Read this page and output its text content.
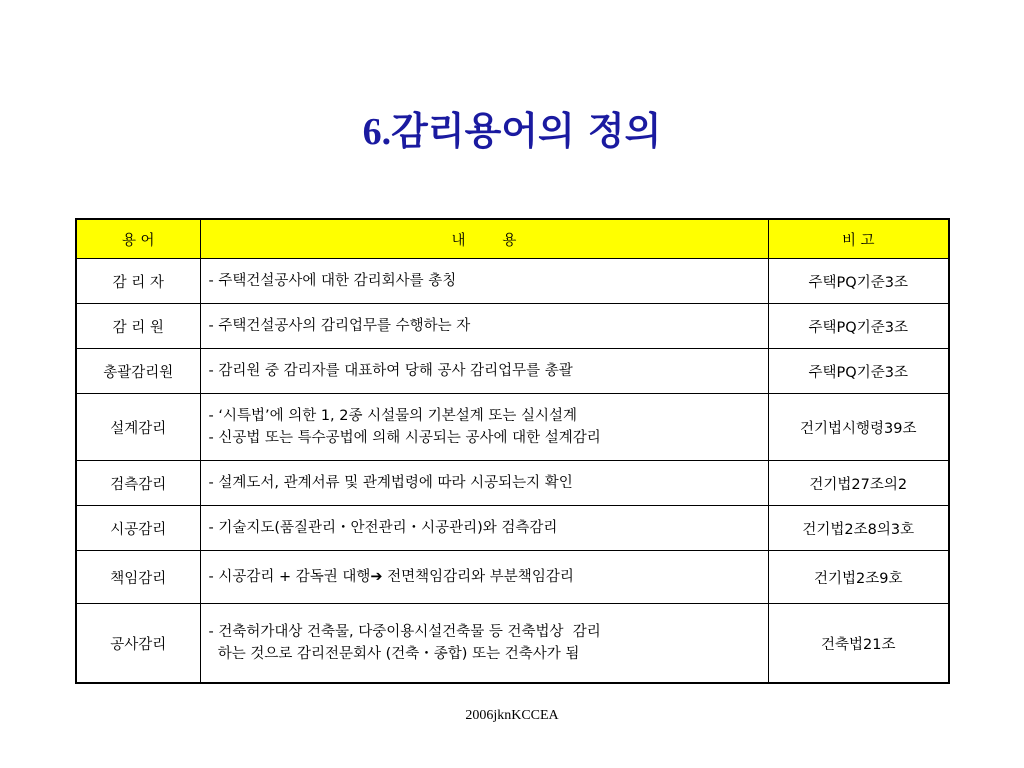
6.감리용어의 정의
용 어	내        용	비 고
감 리 자	- 주택건설공사에 대한 감리회사를 총칭	주택PQ기준3조
감 리 원	- 주택건설공사의 감리업무를 수행하는 자	주택PQ기준3조
총괄감리원	- 감리원 중 감리자를 대표하여 당해 공사 감리업무를 총괄	주택PQ기준3조
설계감리	- ‘시특법’에 의한 1, 2종 시설물의 기본설계 또는 실시설계
- 신공법 또는 특수공법에 의해 시공되는 공사에 대한 설계감리	건기법시행령39조
검측감리	- 설계도서, 관계서류 및 관계법령에 따라 시공되는지 확인	건기법27조의2
시공감리	- 기술지도(품질관리・안전관리・시공관리)와 검측감리	건기법2조8의3호
책임감리	- 시공감리 + 감독권 대행➔ 전면책임감리와 부분책임감리	건기법2조9호
공사감리	- 건축허가대상 건축물, 다중이용시설건축물 등 건축법상  감리
하는 것으로 감리전문회사 (건축・종합) 또는 건축사가 됨	건축법21조
2006jknKCCEA
